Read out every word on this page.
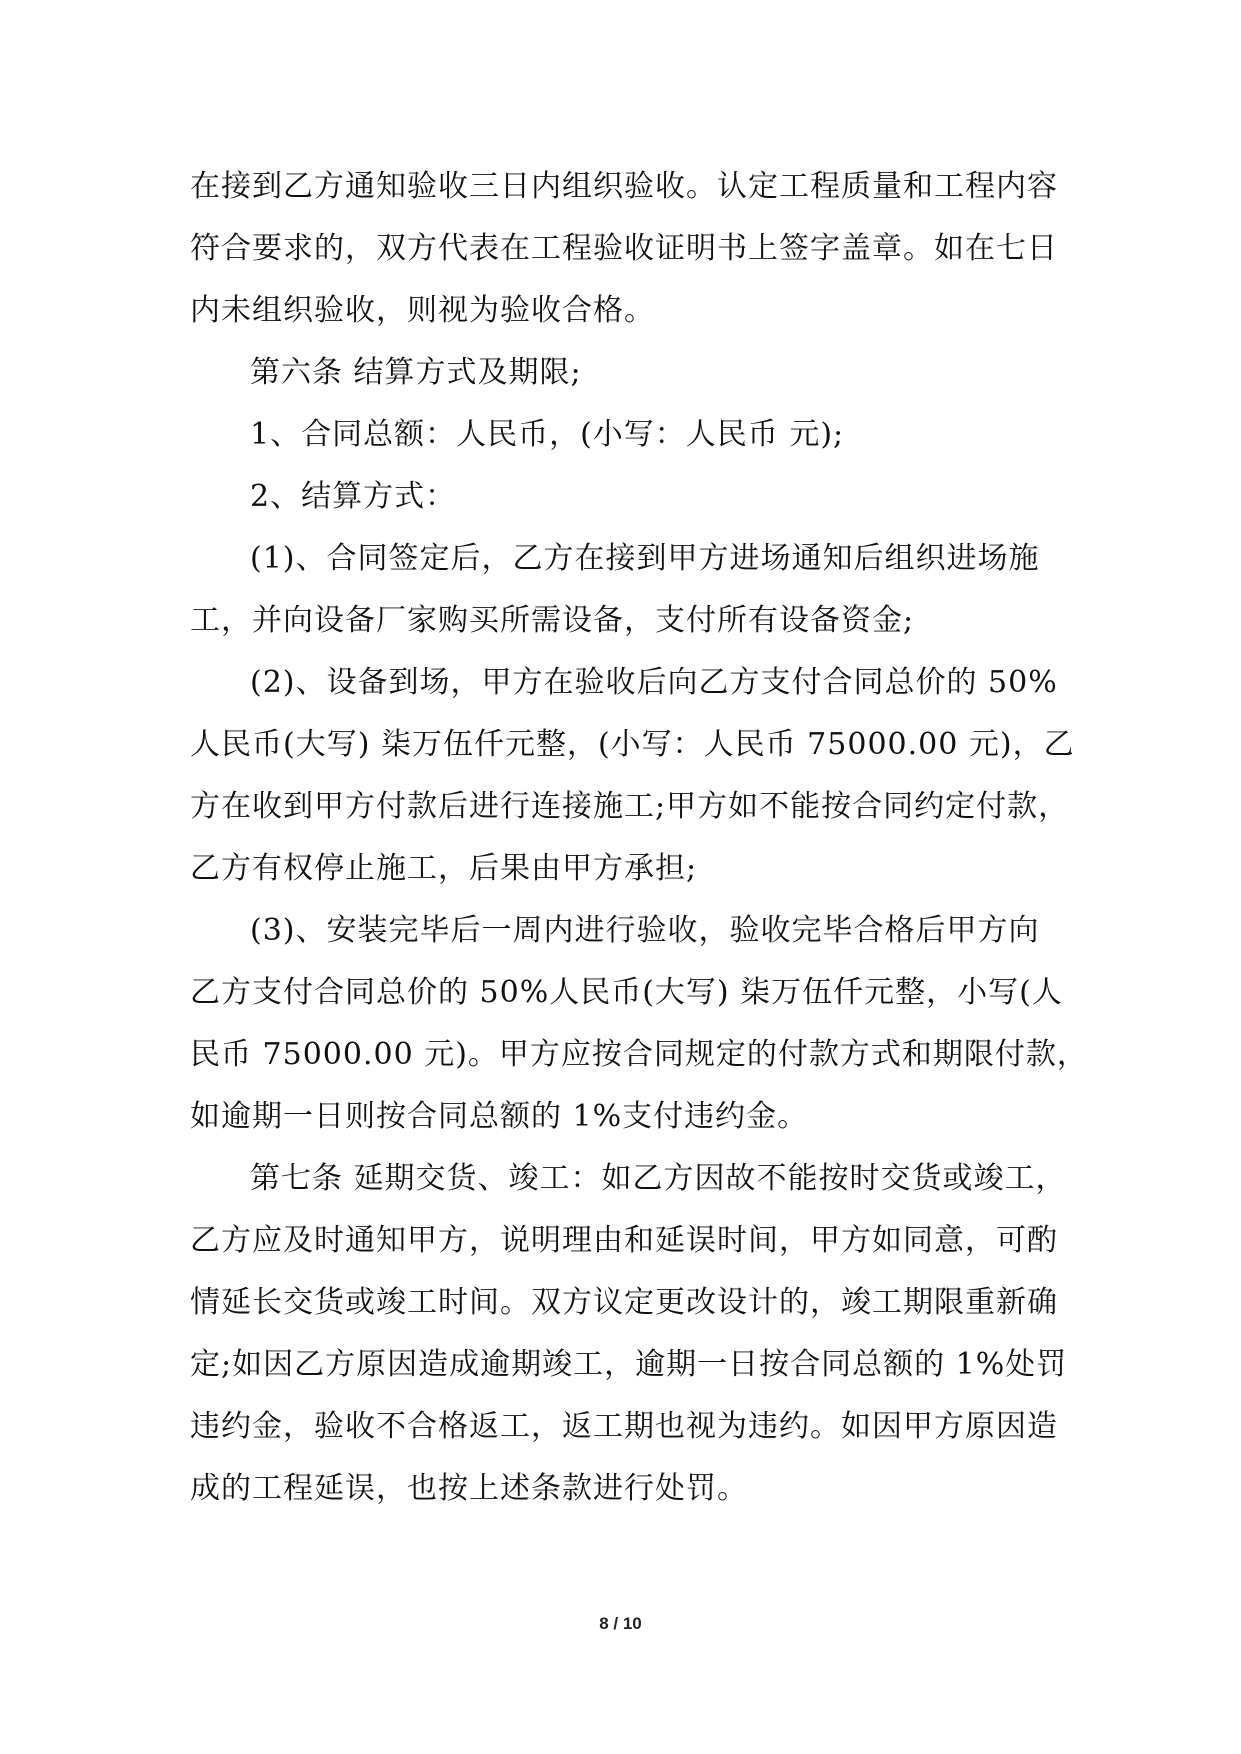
在接到乙方通知验收三日内组织验收。认定工程质量和工程内容
符合要求的，双方代表在工程验收证明书上签字盖章。如在七日
内未组织验收，则视为验收合格。
第六条 结算方式及期限;
1、合同总额：人民币，(小写：人民币 元);
2、结算方式：
(1)、合同签定后，乙方在接到甲方进场通知后组织进场施
工，并向设备厂家购买所需设备，支付所有设备资金;
(2)、设备到场，甲方在验收后向乙方支付合同总价的 50%
人民币(大写) 柒万伍仟元整，(小写：人民币 75000.00 元)，乙
方在收到甲方付款后进行连接施工;甲方如不能按合同约定付款，
乙方有权停止施工，后果由甲方承担;
(3)、安装完毕后一周内进行验收，验收完毕合格后甲方向
乙方支付合同总价的 50%人民币(大写) 柒万伍仟元整，小写(人
民币 75000.00 元)。甲方应按合同规定的付款方式和期限付款，
如逾期一日则按合同总额的 1%支付违约金。
第七条 延期交货、竣工：如乙方因故不能按时交货或竣工，
乙方应及时通知甲方，说明理由和延误时间，甲方如同意，可酌
情延长交货或竣工时间。双方议定更改设计的，竣工期限重新确
定;如因乙方原因造成逾期竣工，逾期一日按合同总额的 1%处罚
违约金，验收不合格返工，返工期也视为违约。如因甲方原因造
成的工程延误，也按上述条款进行处罚。
8 / 10
